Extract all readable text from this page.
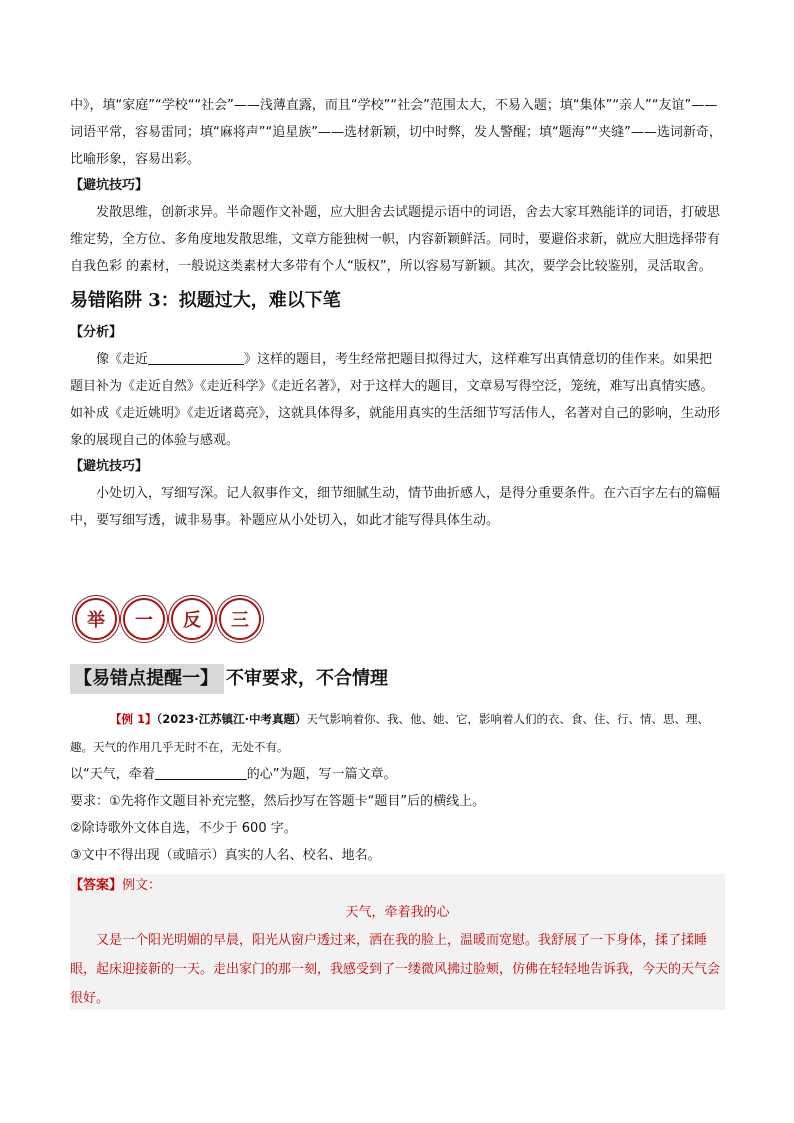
中》，填“家庭”“学校““社会”——浅薄直露，而且“学校”“社会”范围太大，不易入题；填“集体”“亲人”“友谊”——词语平常，容易雷同；填“麻将声”“追星族”——选材新颖，切中时弊，发人警醒；填“题海”“夹缝”——选词新奇，比喻形象，容易出彩。

【避坑技巧】

发散思维，创新求异。半命题作文补题，应大胆舍去试题提示语中的词语，舍去大家耳熟能详的词语，打破思维定势，全方位、多角度地发散思维，文章方能独树一帜，内容新颖鲜活。同时，要避俗求新，就应大胆选择带有自我色彩 的素材，一般说这类素材大多带有个人“版权”，所以容易写新颖。其次，要学会比较鉴别，灵活取舍。

易错陷阱 3：拟题过大，难以下笔

【分析】

像《走近	》这样的题目，考生经常把题目拟得过大，这样难写出真情意切的佳作来。如果把题目补为《走近自然》《走近科学》《走近名著》，对于这样大的题目，文章易写得空泛，笼统，难写出真情实感。如补成《走近姚明》《走近诸葛亮》，这就具体得多，就能用真实的生活细节写活伟人，名著对自己的影响，生动形象的展现自己的体验与感观。

【避坑技巧】

小处切入，写细写深。记人叙事作文，细节细腻生动，情节曲折感人，是得分重要条件。在六百字左右的篇幅中，要写细写透，诚非易事。补题应从小处切入，如此才能写得具体生动。

举	一	反	三
【易错点提醒一】 不审要求，不合情理

【例 1】（2023·江苏镇江·中考真题）天气影响着你、我、他、她、它，影响着人们的衣、食、住、行、情、思、理、趣。天气的作用几乎无时不在，无处不有。

以“天气，牵着	的心”为题，写一篇文章。

要求：①先将作文题目补充完整，然后抄写在答题卡“题目”后的横线上。

②除诗歌外文体自选，不少于 600 字。

③文中不得出现（或暗示）真实的人名、校名、地名。

【答案】例文：

天气，牵着我的心

又是一个阳光明媚的早晨，阳光从窗户透过来，洒在我的脸上，温暖而宽慰。我舒展了一下身体，揉了揉睡眼，起床迎接新的一天。走出家门的那一刻，我感受到了一缕微风拂过脸颊，仿佛在轻轻地告诉我，今天的天气会很好。
